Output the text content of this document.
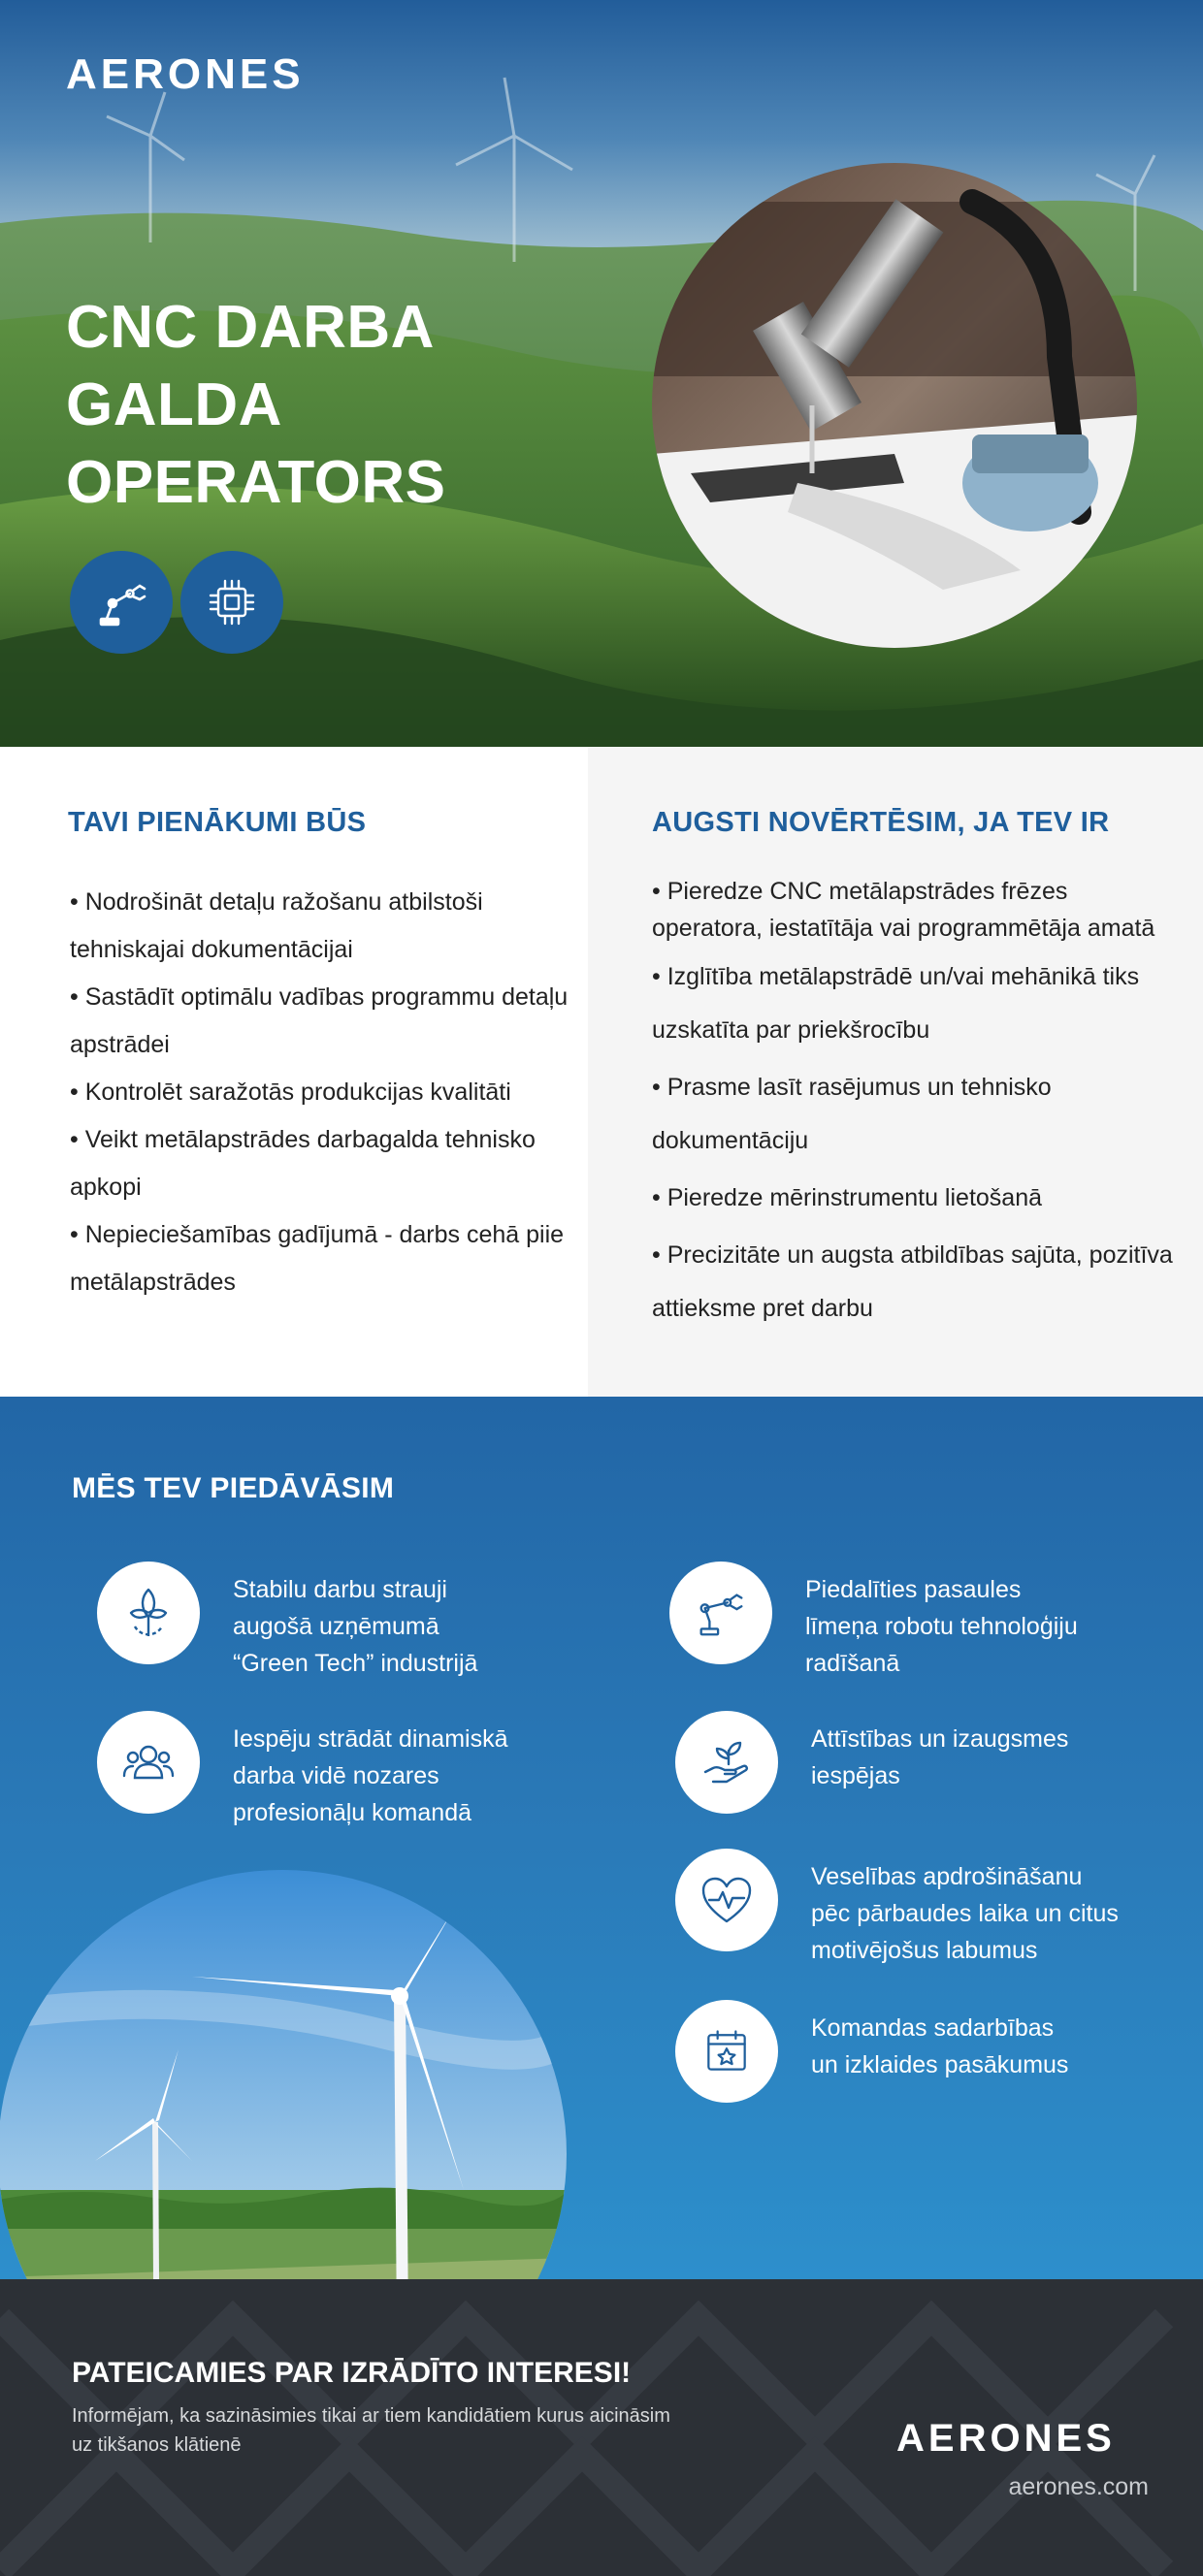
AERONES
CNC DARBA
GALDA
OPERATORS
TAVI PIENĀKUMI BŪS
• Nodrošināt detaļu ražošanu atbilstoši tehniskajai dokumentācijai
• Sastādīt optimālu vadības programmu detaļu apstrādei
• Kontrolēt saražotās produkcijas kvalitāti
• Veikt metālapstrādes darbagalda tehnisko apkopi
• Nepieciešamības gadījumā - darbs cehā piie metālapstrādes
AUGSTI NOVĒRTĒSIM, JA TEV IR
• Pieredze CNC metālapstrādes frēzes operatora, iestatītāja vai programmētāja amatā
• Izglītība metālapstrādē un/vai mehānikā tiks uzskatīta par priekšrocību
• Prasme lasīt rasējumus un tehnisko dokumentāciju
• Pieredze mērinstrumentu lietošanā
• Precizitāte un augsta atbildības sajūta, pozitīva attieksme pret darbu
MĒS TEV PIEDĀVĀSIM
Stabilu darbu strauji
augošā uzņēmumā
“Green Tech” industrijā
Iespēju strādāt dinamiskā
darba vidē nozares
profesionāļu komandā
Piedalīties pasaules
līmeņa robotu tehnoloģiju
radīšanā
Attīstības un izaugsmes
iespējas
Veselības apdrošināšanu
pēc pārbaudes laika un citus
motivējošus labumus
Komandas sadarbības
un izklaides pasākumus
PATEICAMIES PAR IZRĀDĪTO INTERESI!

Informējam, ka sazināsimies tikai ar tiem kandidātiem kurus aicināsim uz tikšanos klātienē	AERONES
aerones.com
